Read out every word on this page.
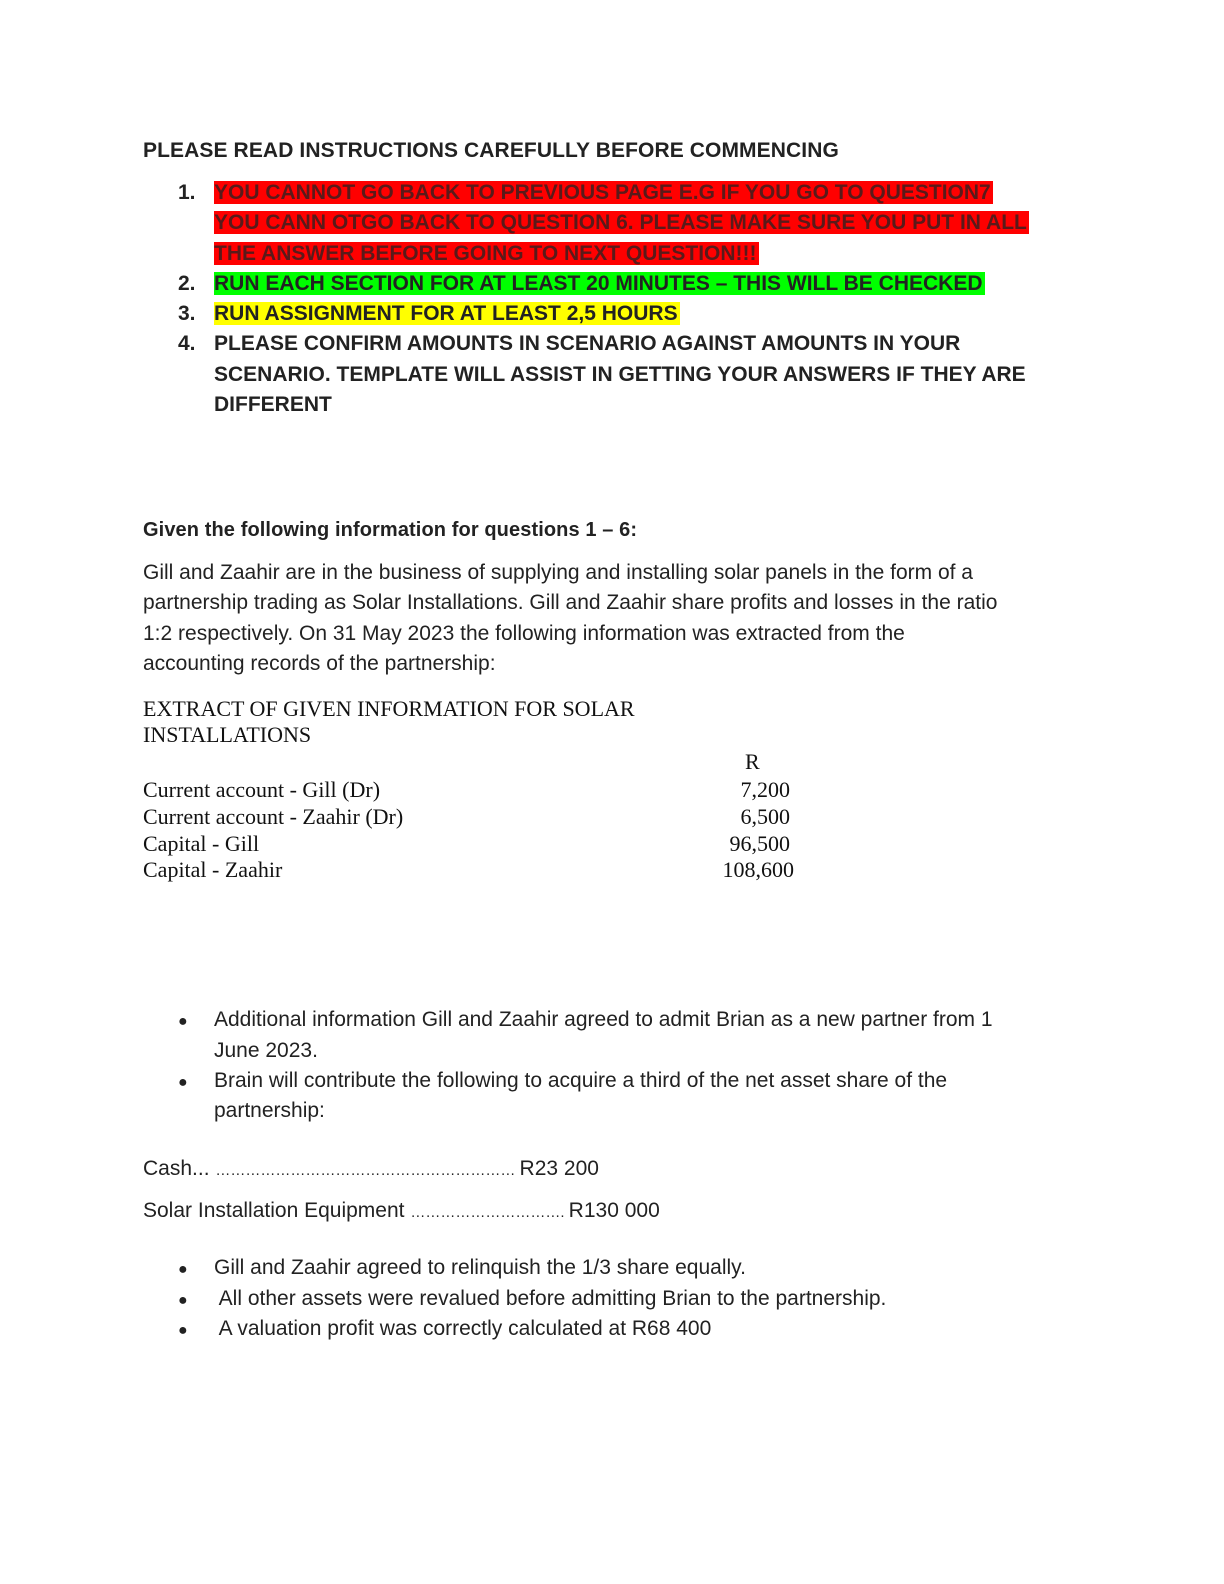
PLEASE READ INSTRUCTIONS CAREFULLY BEFORE COMMENCING
1. YOU CANNOT GO BACK TO PREVIOUS PAGE E.G IF YOU GO TO QUESTION7
YOU CANN OTGO BACK TO QUESTION 6. PLEASE MAKE SURE YOU PUT IN ALL
THE ANSWER BEFORE GOING TO NEXT QUESTION!!!
2. RUN EACH SECTION FOR AT LEAST 20 MINUTES – THIS WILL BE CHECKED
3. RUN ASSIGNMENT FOR AT LEAST 2,5 HOURS
4. PLEASE CONFIRM AMOUNTS IN SCENARIO AGAINST AMOUNTS IN YOUR
SCENARIO. TEMPLATE WILL ASSIST IN GETTING YOUR ANSWERS IF THEY ARE
DIFFERENT
Given the following information for questions 1 – 6:
Gill and Zaahir are in the business of supplying and installing solar panels in the form of a
partnership trading as Solar Installations. Gill and Zaahir share profits and losses in the ratio
1:2 respectively. On 31 May 2023 the following information was extracted from the
accounting records of the partnership:
EXTRACT OF GIVEN INFORMATION FOR SOLAR
INSTALLATIONS
R
Current account - Gill (Dr)	7,200
Current account - Zaahir (Dr)	6,500
Capital - Gill	96,500
Capital - Zaahir	108,600
● Additional information Gill and Zaahir agreed to admit Brian as a new partner from 1
June 2023.
● Brain will contribute the following to acquire a third of the net asset share of the
partnership:
Cash... …………………………………………………… R23 200
Solar Installation Equipment …………………………. R130 000
● Gill and Zaahir agreed to relinquish the 1/3 share equally.
● All other assets were revalued before admitting Brian to the partnership.
● A valuation profit was correctly calculated at R68 400
